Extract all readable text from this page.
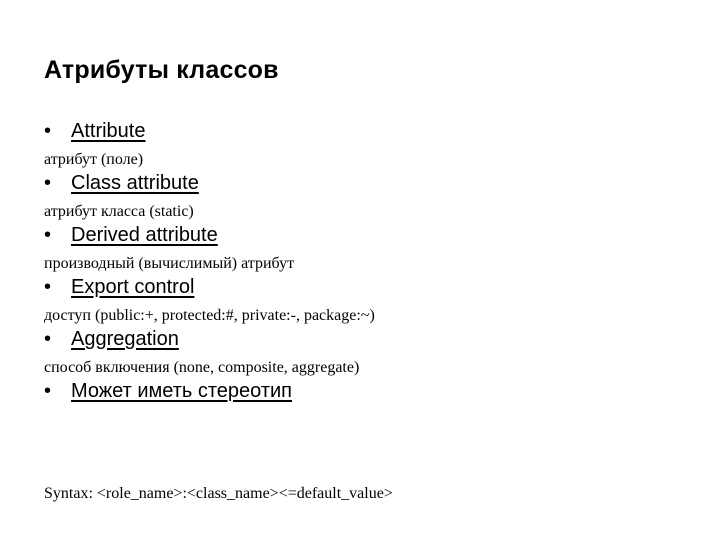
Атрибуты классов
• Attribute
атрибут (поле)
• Class attribute
атрибут класса (static)
• Derived attribute
производный (вычислимый) атрибут
• Export control
доступ (public:+, protected:#, private:-, package:~)
• Aggregation
способ включения (none, composite, aggregate)
• Может иметь стереотип
Syntax: <role_name>:<class_name><=default_value>
